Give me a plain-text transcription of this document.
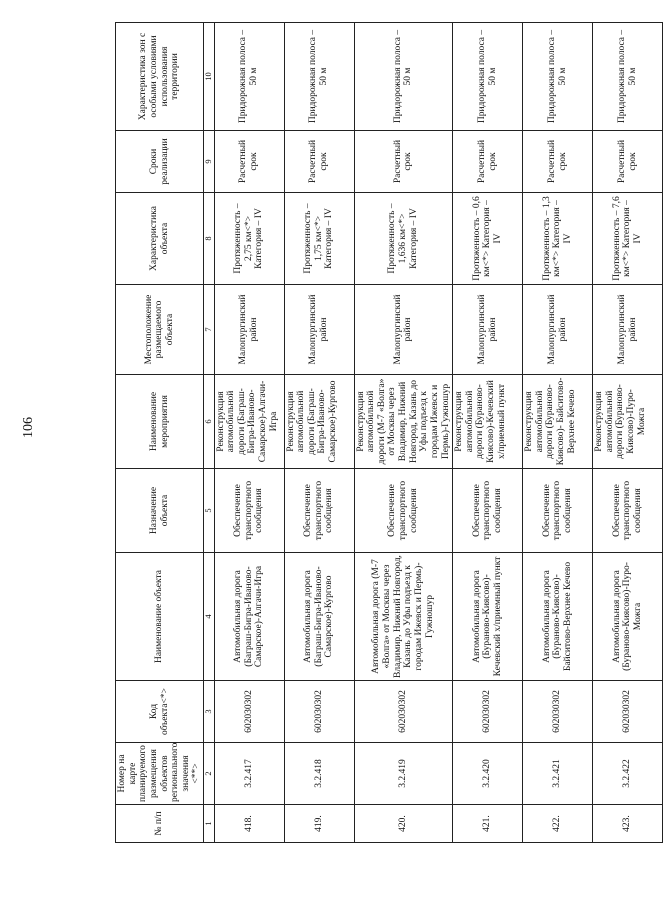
106
№ п/п	Номер на карте планируемого размещения объектов регионального значения <**>	Код объекта<*>	Наименование объекта	Назначение объекта	Наименование мероприятия	Местоположение размещаемого объекта	Характеристика объекта	Сроки реализации	Характеристика зон с особыми условиями использования территории
1	2	3	4	5	6	7	8	9	10
418.	3.2.417	602030302	Автомобильная дорога (Баграш-Бигра-Иваново-Самарское)-Алгачи-Игра	Обеспечение транспортного сообщения	Реконструкция автомобильной дороги (Баграш-Бигра-Иваново-Самарское)-Алгачи-Игра	Малопургинский район	Протяженность – 2,75 км<*> Категория – IV	Расчетный срок	Придорожная полоса – 50 м
419.	3.2.418	602030302	Автомобильная дорога (Баграш-Бигра-Иваново-Самарское)-Кургово	Обеспечение транспортного сообщения	Реконструкция автомобильной дороги (Баграш-Бигра-Иваново-Самарское)-Кургово	Малопургинский район	Протяженность – 1,75 км<*> Категория – IV	Расчетный срок	Придорожная полоса – 50 м
420.	3.2.419	602030302	Автомобильная дорога (М-7 «Волга» от Москвы через Владимир, Нижний Новгород, Казань до Уфы подъезд к городам Ижевск и Пермь)-Гужношур	Обеспечение транспортного сообщения	Реконструкция автомобильной дороги (М-7 «Волга» от Москвы через Владимир, Нижний Новгород, Казань до Уфы подъезд к городам Ижевск и Пермь)-Гужношур	Малопургинский район	Протяженность – 1,636 км<*> Категория – IV	Расчетный срок	Придорожная полоса – 50 м
421.	3.2.420	602030302	Автомобильная дорога (Бураново-Киясово)-Кечевский х/приемный пункт	Обеспечение транспортного сообщения	Реконструкция автомобильной дороги (Бураново-Киясово)-Кечевский х/приемный пункт	Малопургинский район	Протяженность – 0,6 км<*> Категория – IV	Расчетный срок	Придорожная полоса – 50 м
422.	3.2.421	602030302	Автомобильная дорога (Бураново-Киясово)- Байситово-Верхнее Кечево	Обеспечение транспортного сообщения	Реконструкция автомобильной дороги (Бураново-Киясово)- Байситово-Верхнее Кечево	Малопургинский район	Протяженность – 1,3 км<*> Категория – IV	Расчетный срок	Придорожная полоса – 50 м
423.	3.2.422	602030302	Автомобильная дорога (Бураново-Киясово)-Пуро-Можга	Обеспечение транспортного сообщения	Реконструкция автомобильной дороги (Бураново-Киясово)-Пуро-Можга	Малопургинский район	Протяженность – 7,6 км<*> Категория – IV	Расчетный срок	Придорожная полоса – 50 м
